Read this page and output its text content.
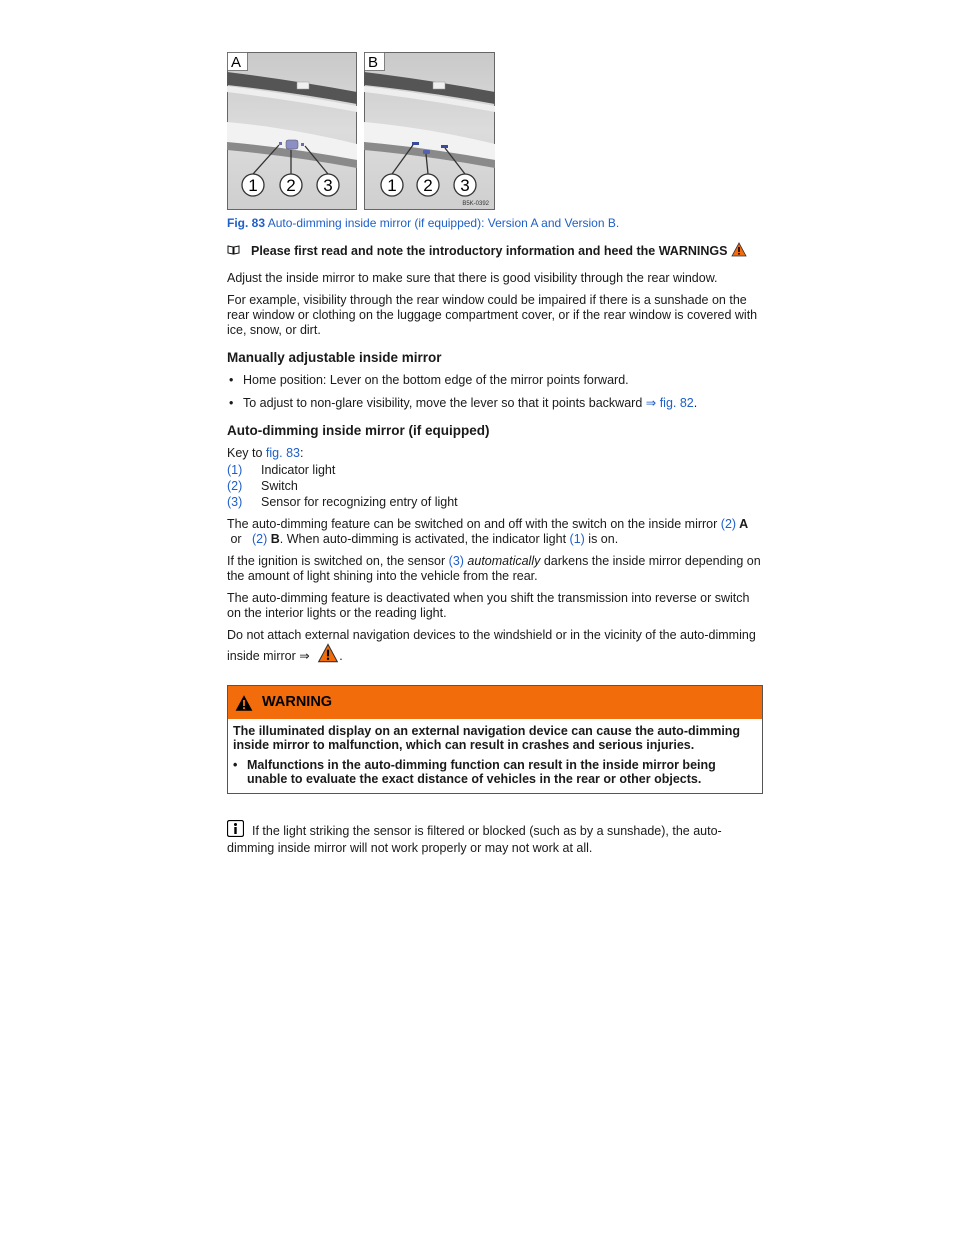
A	B
1 2 3	1 2 3
B5K-0392
Fig. 83 Auto-dimming inside mirror (if equipped): Version A and Version B.
Please first read and note the introductory information and heed the WARNINGS

Adjust the inside mirror to make sure that there is good visibility through the rear window.

For example, visibility through the rear window could be impaired if there is a sunshade on the rear window or clothing on the luggage compartment cover, or if the rear window is covered with ice, snow, or dirt.

Manually adjustable inside mirror
• Home position: Lever on the bottom edge of the mirror points forward.
• To adjust to non-glare visibility, move the lever so that it points backward ⇒ fig. 82.
Auto-dimming inside mirror (if equipped)

Key to fig. 83:

(1)	Indicator light
(2)	Switch
(3)	Sensor for recognizing entry of light

The auto-dimming feature can be switched on and off with the switch on the inside mirror (2) A or   (2) B. When auto-dimming is activated, the indicator light (1) is on.

If the ignition is switched on, the sensor (3) automatically darkens the inside mirror depending on the amount of light shining into the vehicle from the rear.

The auto-dimming feature is deactivated when you shift the transmission into reverse or switch on the interior lights or the reading light.

Do not attach external navigation devices to the windshield or in the vicinity of the auto-dimming inside mirror ⇒ .

WARNING

The illuminated display on an external navigation device can cause the auto-dimming inside mirror to malfunction, which can result in crashes and serious injuries.

• Malfunctions in the auto-dimming function can result in the inside mirror being unable to evaluate the exact distance of vehicles in the rear or other objects.

If the light striking the sensor is filtered or blocked (such as by a sunshade), the auto-dimming inside mirror will not work properly or may not work at all.
